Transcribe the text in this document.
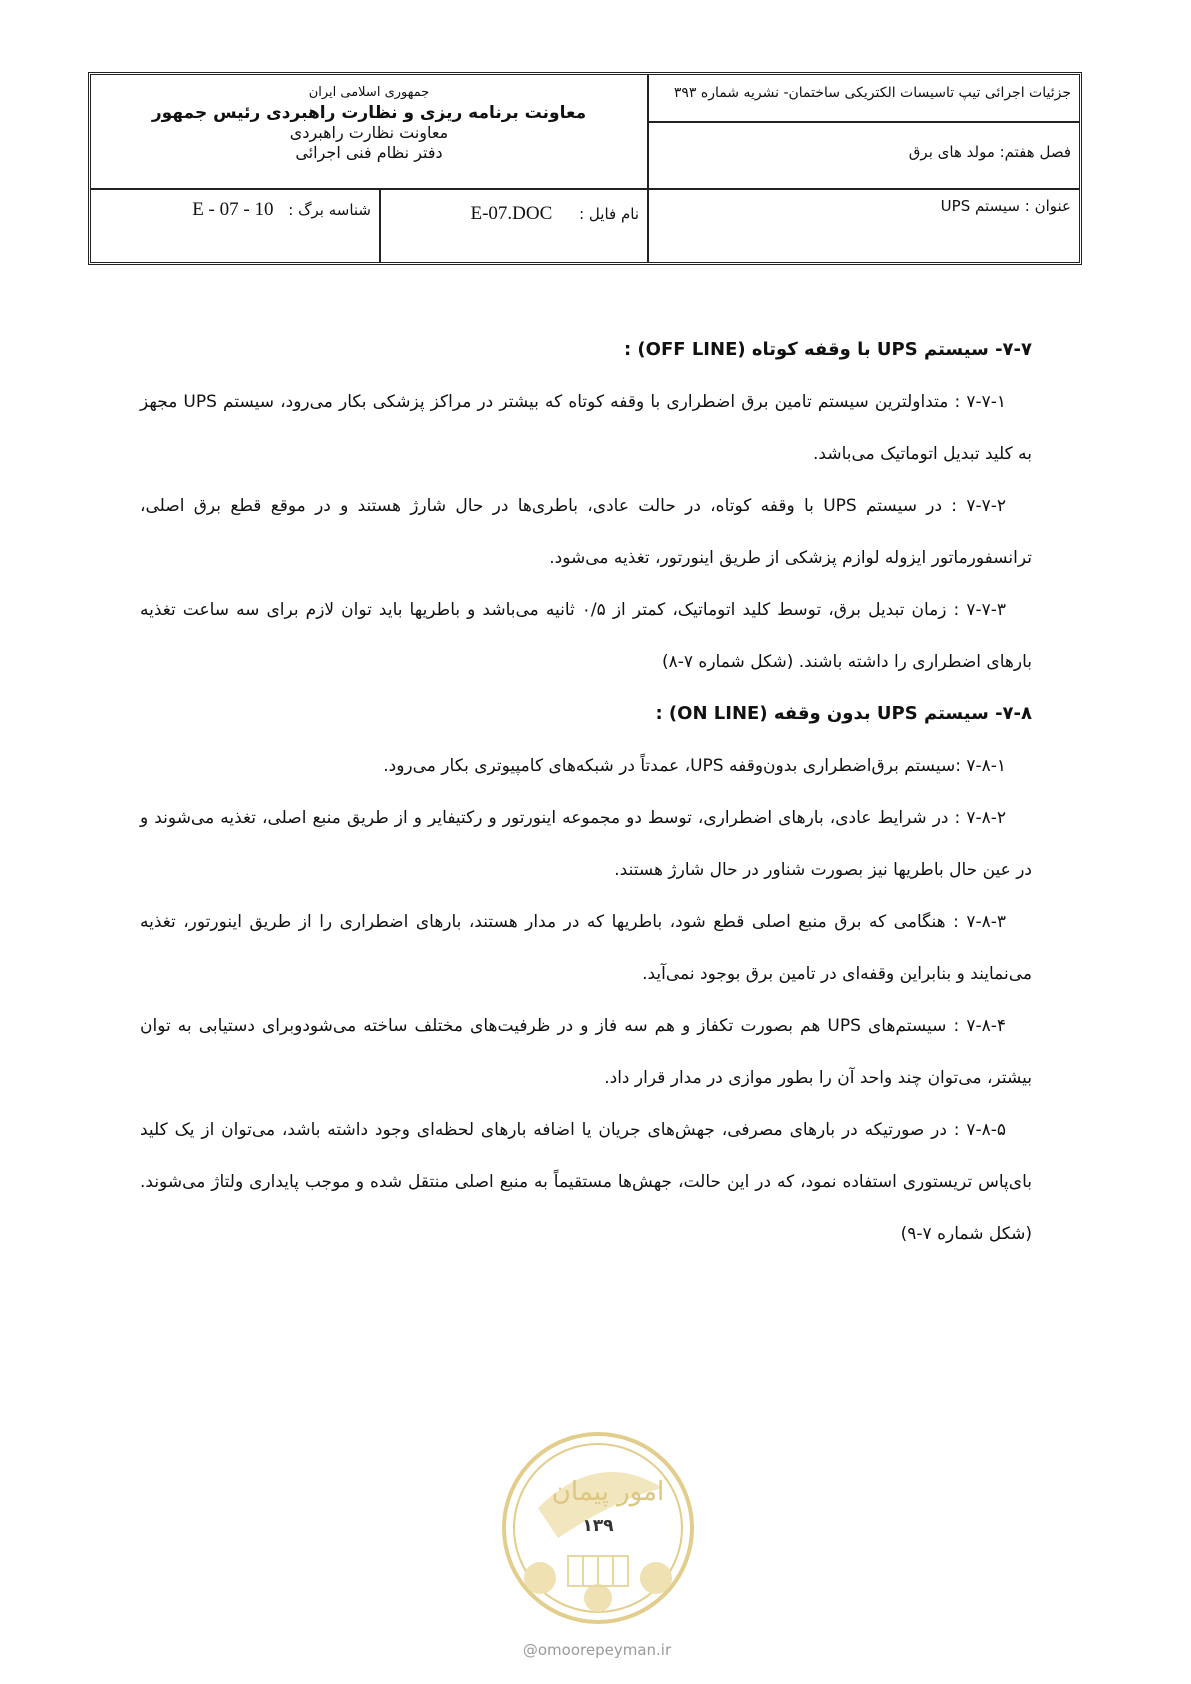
جمهوری اسلامی ایران
معاونت برنامه ریزی و نظارت راهبردی رئیس جمهور
معاونت نظارت راهبردی
دفتر نظام فنی اجرائی
جزئیات اجرائی تیپ تاسیسات الکتریکی ساختمان- نشریه شماره ۳۹۳
فصل هفتم: مولد های برق
عنوان : سیستم UPS
نام فایل : E-07.DOC
شناسه برگ : E - 07 - 10

۷-۷- سیستم UPS با وقفه کوتاه (OFF LINE) :

۷-۷-۱ : متداولترین سیستم تامین برق اضطراری با وقفه کوتاه که بیشتر در مراکز پزشکی بکار می‌رود، سیستم UPS مجهز به کلید تبدیل اتوماتیک می‌باشد.

۷-۷-۲ : در سیستم UPS با وقفه کوتاه، در حالت عادی، باطری‌ها در حال شارژ هستند و در موقع قطع برق اصلی، ترانسفورماتور ایزوله لوازم پزشکی از طریق اینورتور، تغذیه می‌شود.

۷-۷-۳ : زمان تبدیل برق، توسط کلید اتوماتیک، کمتر از ۰/۵ ثانیه می‌باشد و باطریها باید توان لازم برای سه ساعت تغذیه بارهای اضطراری را داشته باشند. (شکل شماره ۷-۸)

۷-۸- سیستم UPS بدون وقفه (ON LINE) :

۷-۸-۱ :سیستم برق‌اضطراری بدون‌وقفه UPS، عمدتاً در شبکه‌های کامپیوتری بکار می‌رود.

۷-۸-۲ : در شرایط عادی، بارهای اضطراری، توسط دو مجموعه اینورتور و رکتیفایر و از طریق منبع اصلی، تغذیه می‌شوند و در عین حال باطریها نیز بصورت شناور در حال شارژ هستند.

۷-۸-۳ : هنگامی که برق منبع اصلی قطع شود، باطریها که در مدار هستند، بارهای اضطراری را از طریق اینورتور، تغذیه می‌نمایند و بنابراین وقفه‌ای در تامین برق بوجود نمی‌آید.

۷-۸-۴ : سیستم‌های UPS هم بصورت تکفاز و هم سه فاز و در ظرفیت‌های مختلف ساخته می‌شودوبرای دستیابی به توان بیشتر، می‌توان چند واحد آن را بطور موازی در مدار قرار داد.

۷-۸-۵ : در صورتیکه در بارهای مصرفی، جهش‌های جریان یا اضافه بارهای لحظه‌ای وجود داشته باشد، می‌توان از یک کلید بای‌پاس تریستوری استفاده نمود، که در این حالت، جهش‌ها مستقیماً به منبع اصلی منتقل شده و موجب پایداری ولتاژ می‌شوند. (شکل شماره ۷-۹)

امور پیمان
۱۳۹
@omoorepeyman.ir
